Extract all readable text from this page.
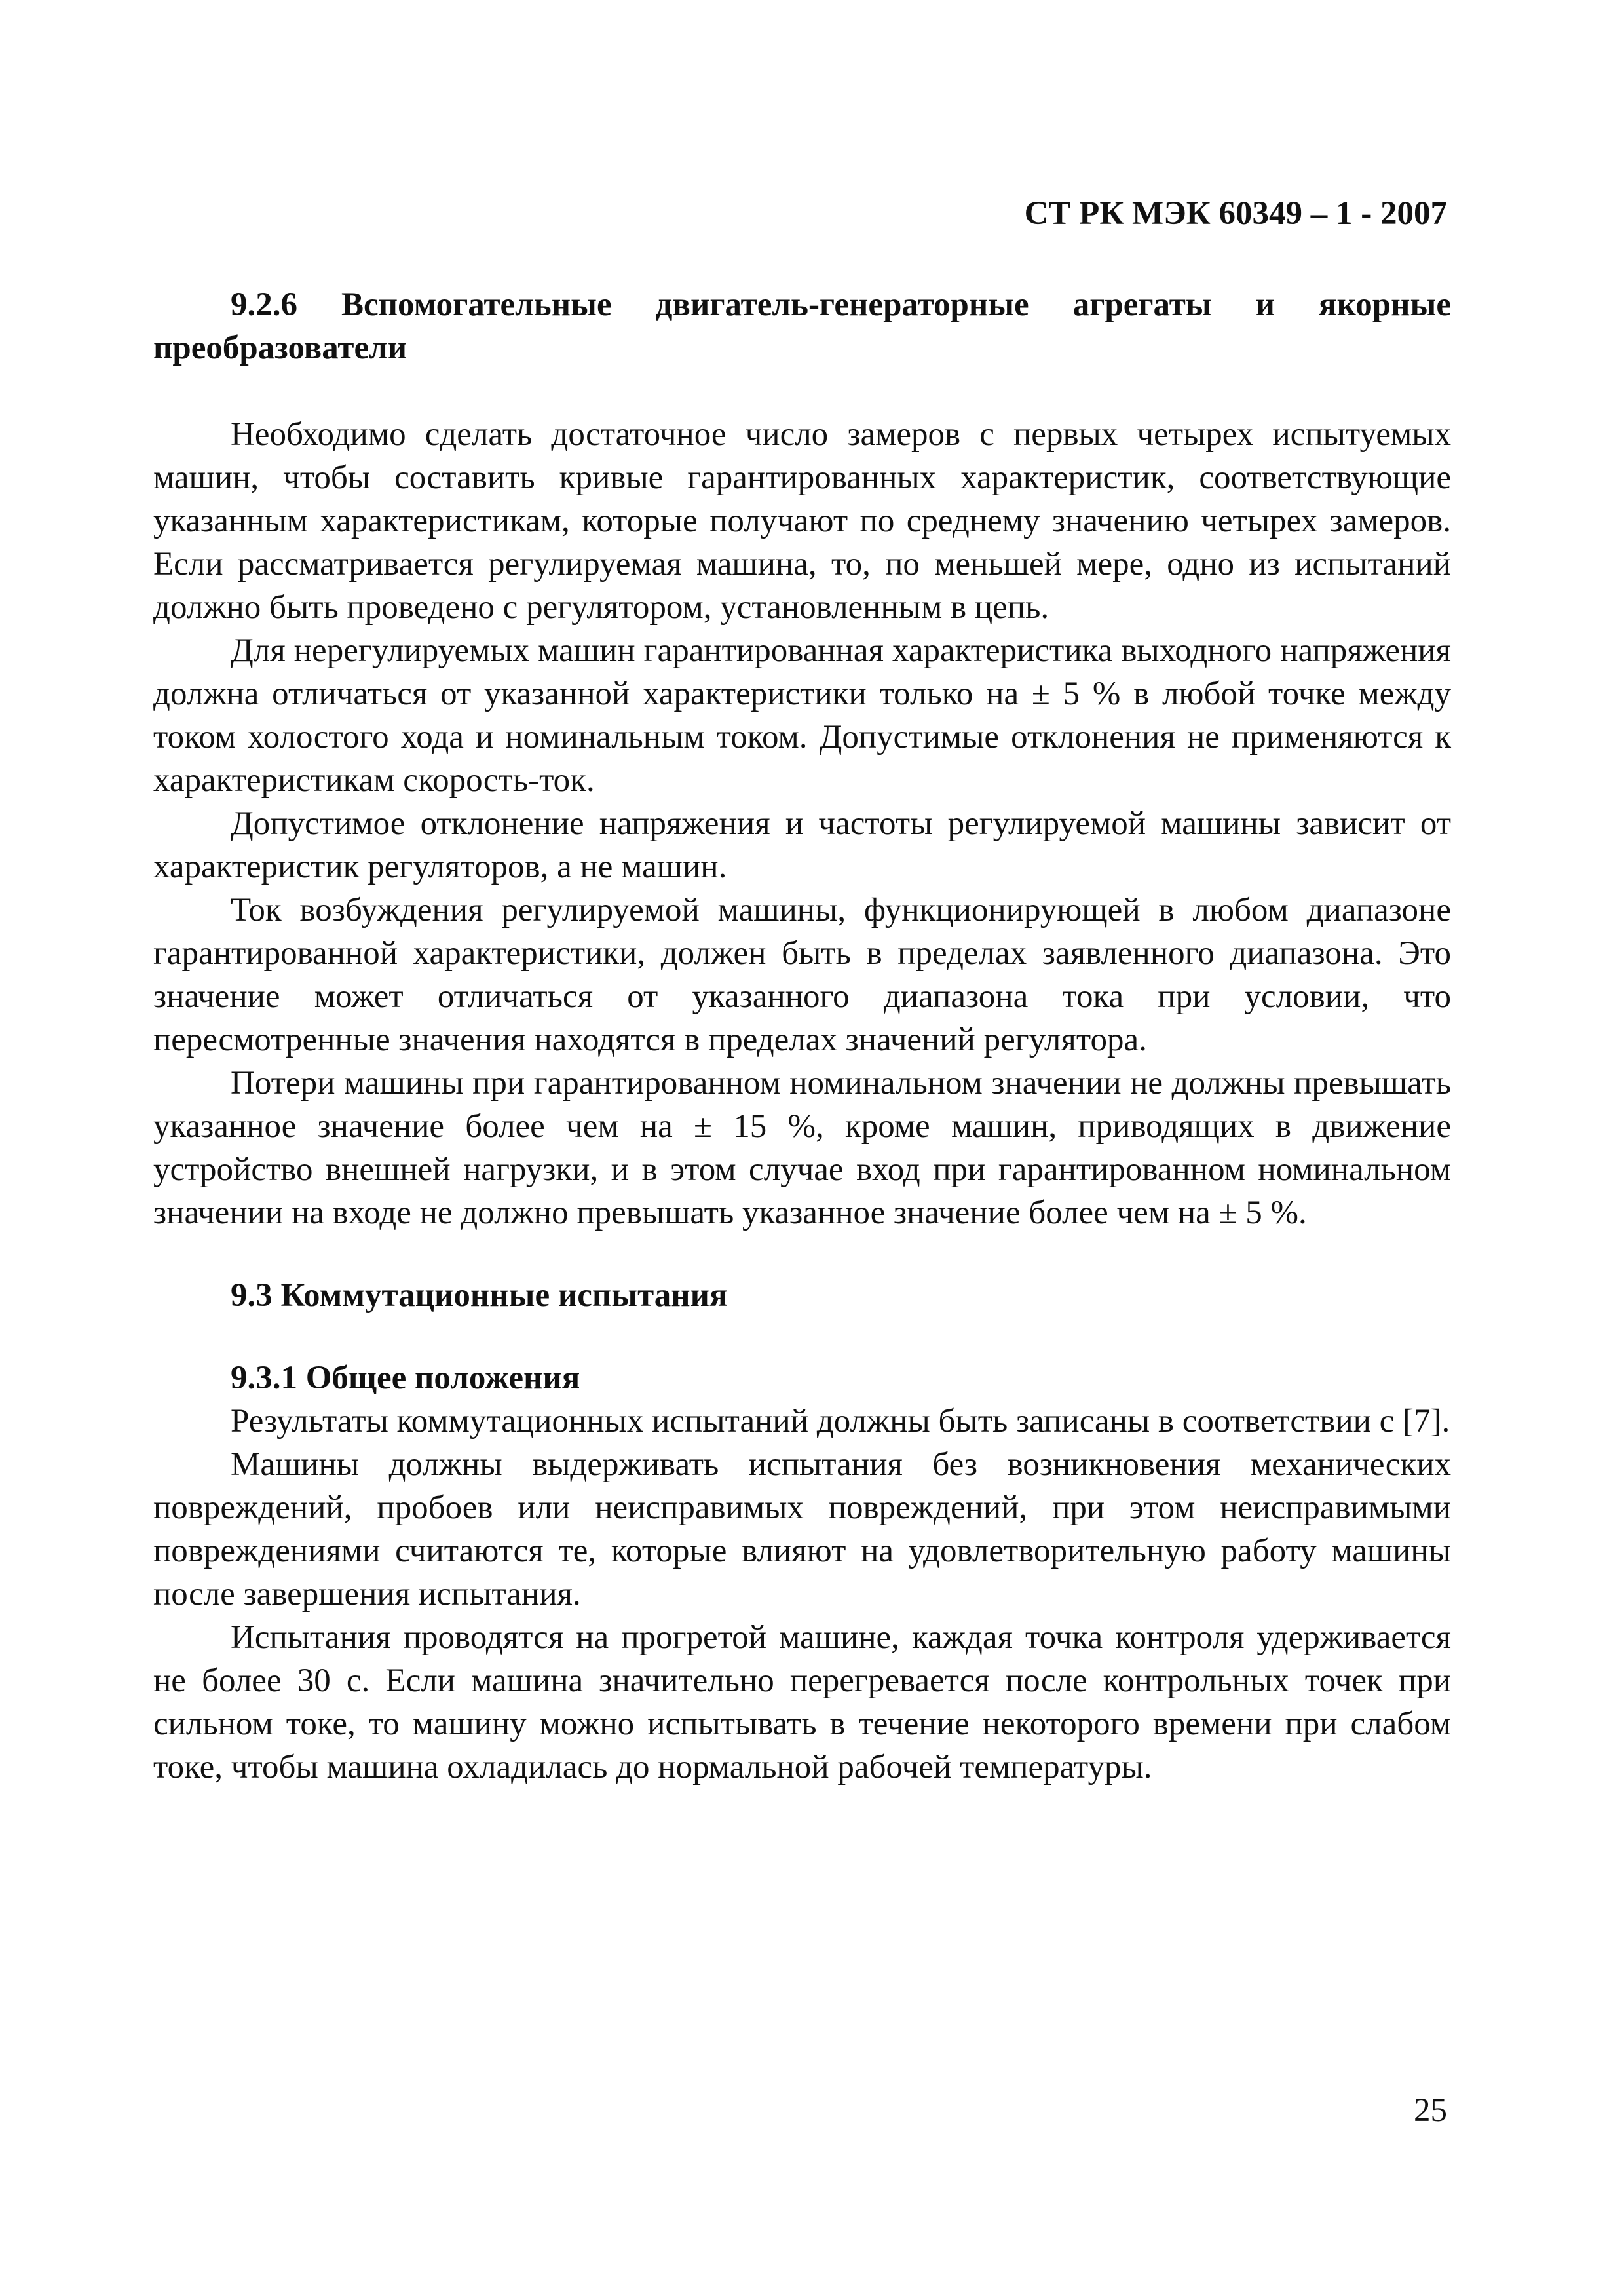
СТ РК МЭК 60349 – 1 - 2007

9.2.6 Вспомогательные двигатель-генераторные агрегаты и якорные преобразователи

Необходимо сделать достаточное число замеров с первых четырех испытуемых машин, чтобы составить кривые гарантированных характеристик, соответствующие указанным характеристикам, которые получают по среднему значению четырех замеров. Если рассматривается регулируемая машина, то, по меньшей мере, одно из испытаний должно быть проведено с регулятором, установленным в цепь.

Для нерегулируемых машин гарантированная характеристика выходного напряжения должна отличаться от указанной характеристики только на ± 5 % в любой точке между током холостого хода и номинальным током. Допустимые отклонения не применяются к характеристикам скорость-ток.

Допустимое отклонение напряжения и частоты регулируемой машины зависит от характеристик регуляторов, а не машин.

Ток возбуждения регулируемой машины, функционирующей в любом диапазоне гарантированной характеристики, должен быть в пределах заявленного диапазона. Это значение может отличаться от указанного диапазона тока при условии, что пересмотренные значения находятся в пределах значений регулятора.

Потери машины при гарантированном номинальном значении не должны превышать указанное значение более чем на ± 15 %, кроме машин, приводящих в движение устройство внешней нагрузки, и в этом случае вход при гарантированном номинальном значении на входе не должно превышать указанное значение более чем на ± 5 %.

9.3 Коммутационные испытания

9.3.1 Общее положения

Результаты коммутационных испытаний должны быть записаны в соответствии с [7].

Машины должны выдерживать испытания без возникновения механических повреждений, пробоев или неисправимых повреждений, при этом неисправимыми повреждениями считаются те, которые влияют на удовлетворительную работу машины после завершения испытания.

Испытания проводятся на прогретой машине, каждая точка контроля удерживается не более 30 с. Если машина значительно перегревается после контрольных точек при сильном токе, то машину можно испытывать в течение некоторого времени при слабом токе, чтобы машина охладилась до нормальной рабочей температуры.

25
